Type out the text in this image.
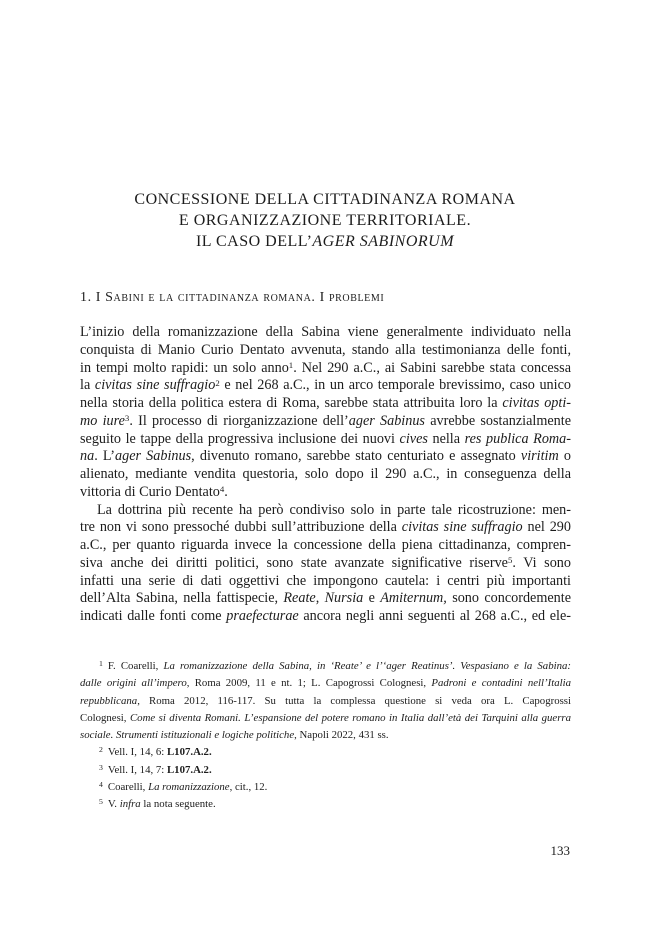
CONCESSIONE DELLA CITTADINANZA ROMANA
E ORGANIZZAZIONE TERRITORIALE.
IL CASO DELL’AGER SABINORUM
1. I Sabini e la cittadinanza romana. I problemi
L’inizio della romanizzazione della Sabina viene generalmente individuato nella
conquista di Manio Curio Dentato avvenuta, stando alla testimonianza delle fonti,
in tempi molto rapidi: un solo anno$^1$. Nel 290 a.C., ai Sabini sarebbe stata concessa
la civitas sine suffragio$^2$ e nel 268 a.C., in un arco temporale brevissimo, caso unico
nella storia della politica estera di Roma, sarebbe stata attribuita loro la civitas opti-
mo iure$^3$. Il processo di riorganizzazione dell’ager Sabinus avrebbe sostanzialmente
seguito le tappe della progressiva inclusione dei nuovi cives nella res publica Roma-
na. L’ager Sabinus, divenuto romano, sarebbe stato centuriato e assegnato viritim o
alienato, mediante vendita questoria, solo dopo il 290 a.C., in conseguenza della
vittoria di Curio Dentato$^4$.
La dottrina più recente ha però condiviso solo in parte tale ricostruzione: men-
tre non vi sono pressoché dubbi sull’attribuzione della civitas sine suffragio nel 290
a.C., per quanto riguarda invece la concessione della piena cittadinanza, compren-
siva anche dei diritti politici, sono state avanzate significative riserve$^5$. Vi sono
infatti una serie di dati oggettivi che impongono cautela: i centri più importanti
dell’Alta Sabina, nella fattispecie, Reate, Nursia e Amiternum, sono concordemente
indicati dalle fonti come praefecturae ancora negli anni seguenti al 268 a.C., ed ele-
$^1$ F. Coarelli, La romanizzazione della Sabina, in ‘Reate’ e l’‘ager Reatinus’. Vespasiano e la Sabina:
dalle origini all’impero, Roma 2009, 11 e nt. 1; L. Capogrossi Colognesi, Padroni e contadini nell’Italia
repubblicana, Roma 2012, 116-117. Su tutta la complessa questione si veda ora L. Capogrossi
Colognesi, Come si diventa Romani. L’espansione del potere romano in Italia dall’età dei Tarquini alla guerra
sociale. Strumenti istituzionali e logiche politiche, Napoli 2022, 431 ss.
$^2$ Vell. I, 14, 6: L107.A.2.
$^3$ Vell. I, 14, 7: L107.A.2.
$^4$ Coarelli, La romanizzazione, cit., 12.
$^5$ V. infra la nota seguente.
133
